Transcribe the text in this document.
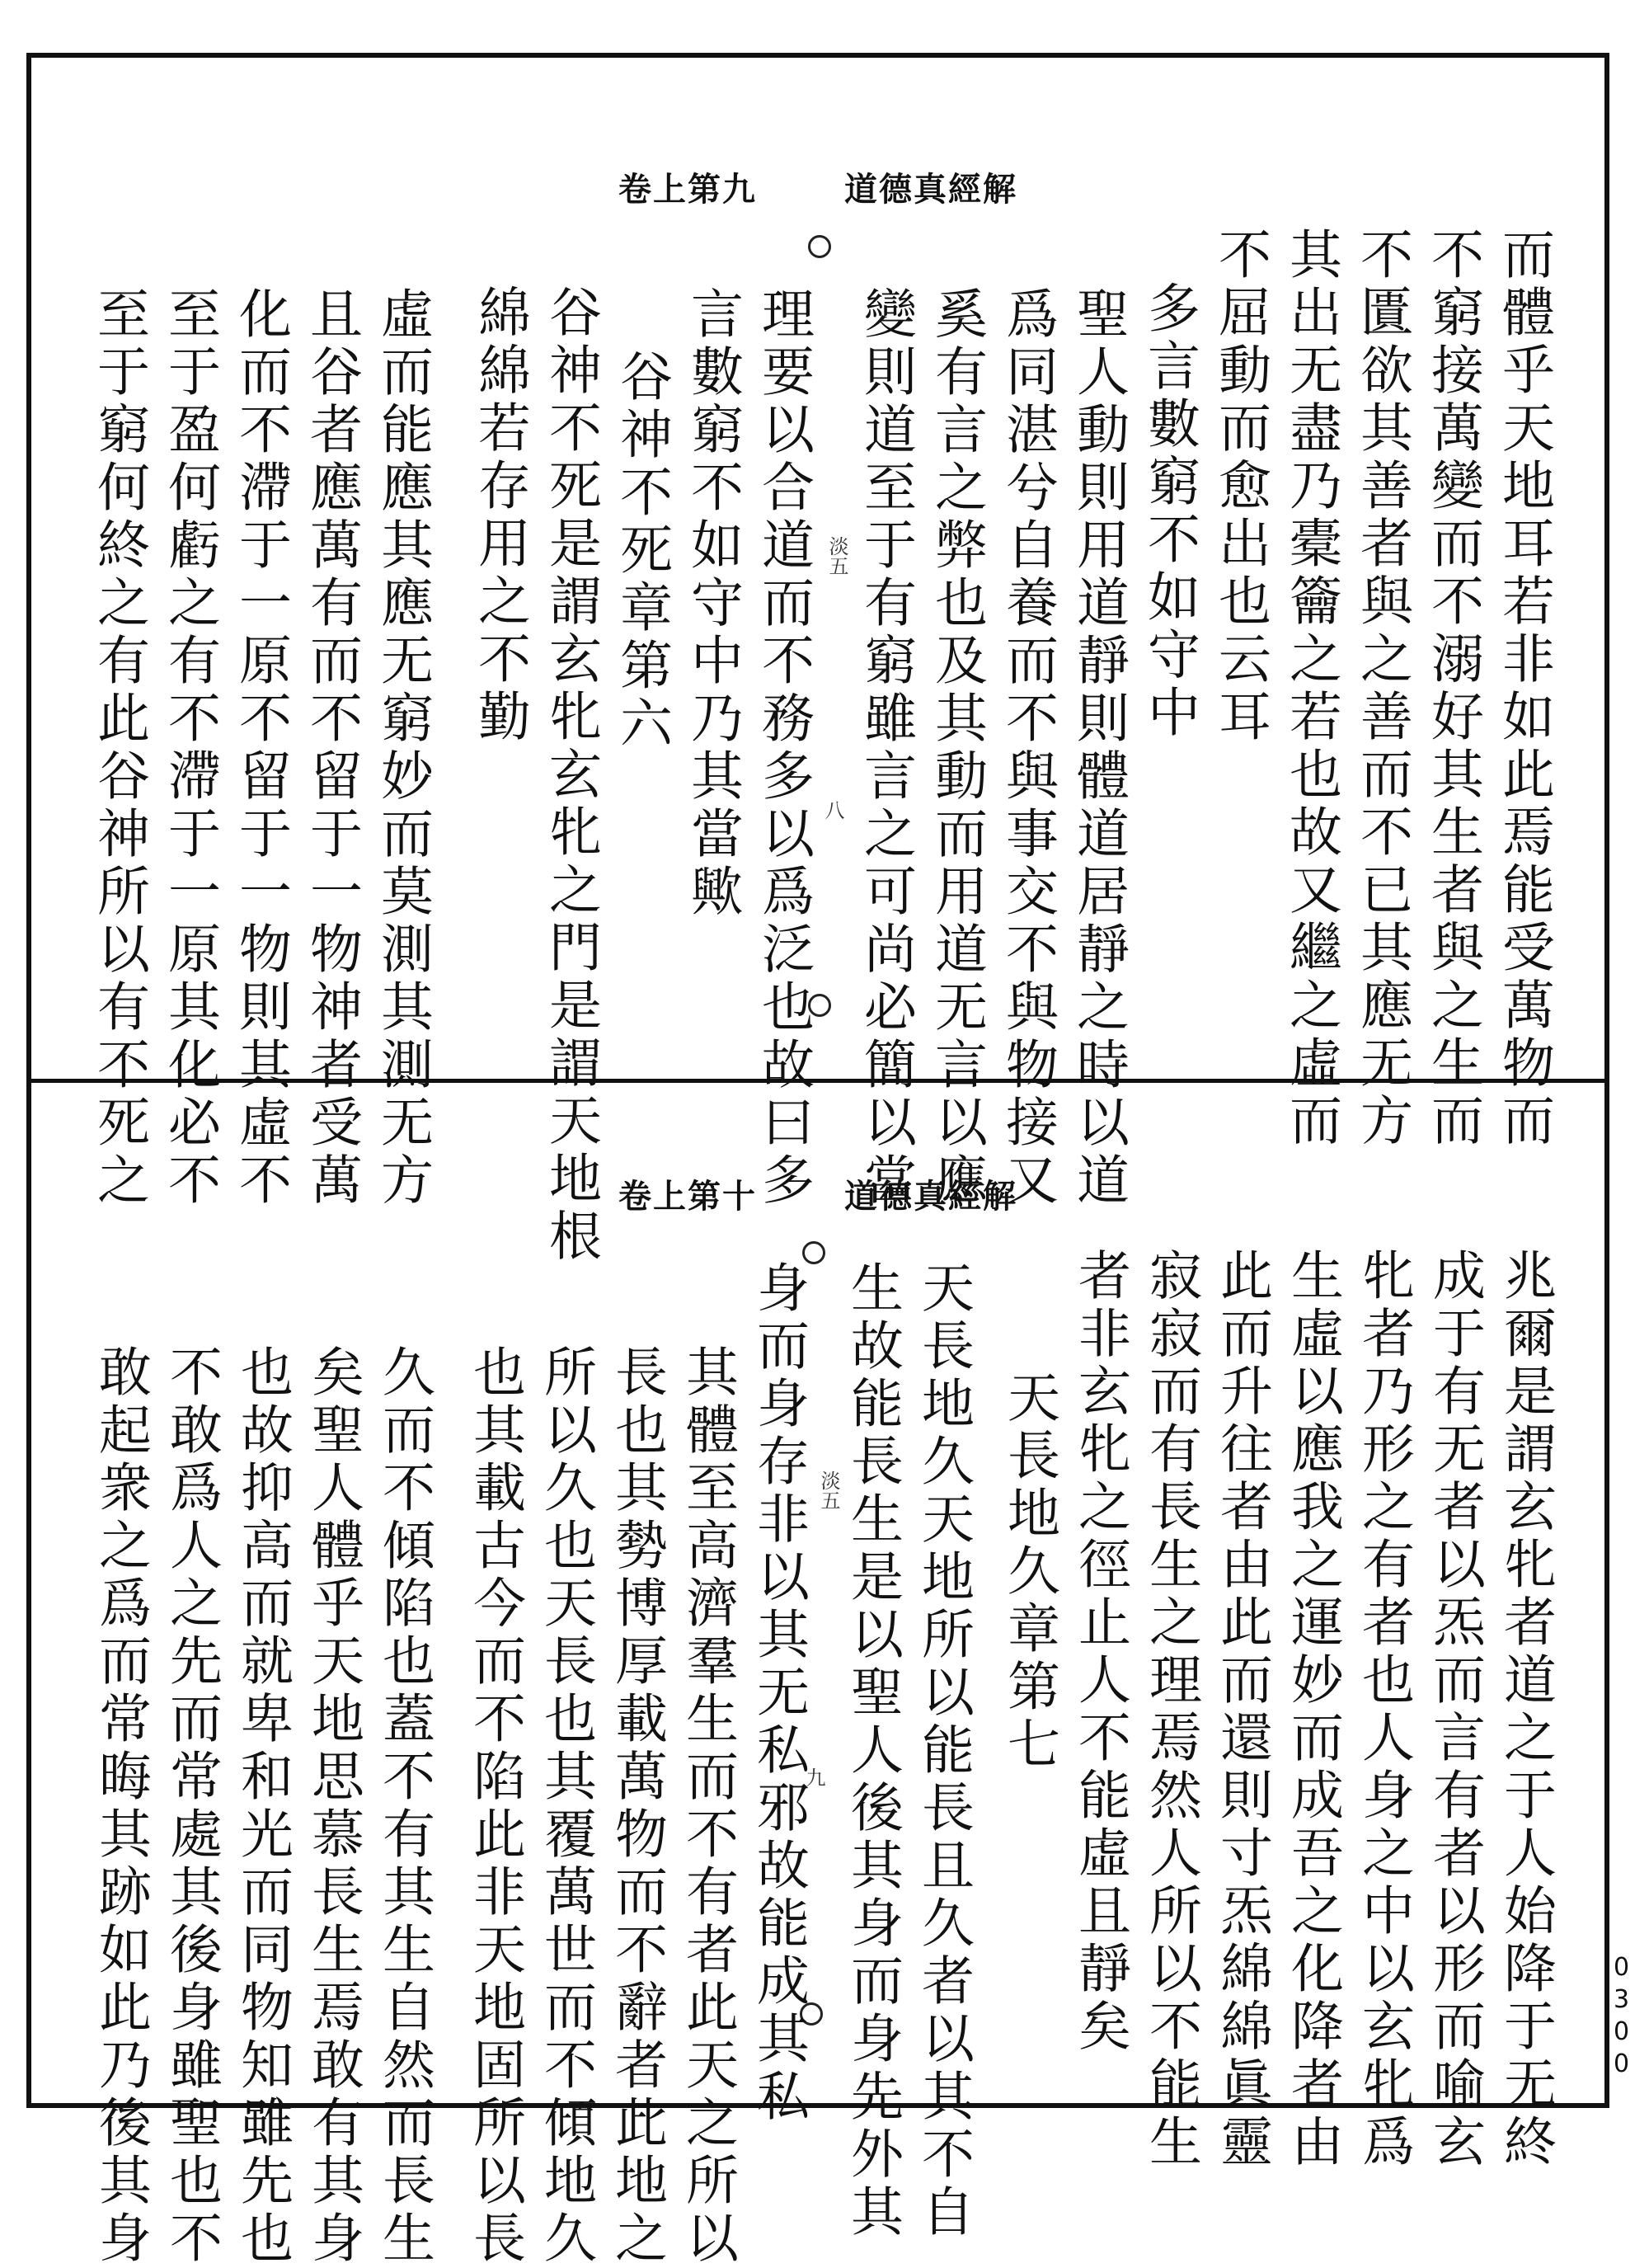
卷上第九	道德真經解
淡五
八	而體乎天地耳若非如此焉能受萬物而
不窮接萬變而不溺好其生者與之生而
不匱欲其善者與之善而不已其應无方
其出无盡乃橐籥之若也故又繼之虛而
不屈動而愈出也云耳
多言數窮不如守中
聖人動則用道靜則體道居靜之時以道
爲同湛兮自養而不與事交不與物接又
奚有言之弊也及其動而用道无言以應
變則道至于有窮雖言之可尚必簡以當
理要以合道而不務多以爲泛也故曰多
言數窮不如守中乃其當歟
谷神不死章第六
谷神不死是謂玄牝玄牝之門是謂天地根
綿綿若存用之不勤
虛而能應其應无窮妙而莫測其測无方
且谷者應萬有而不留于一物神者受萬
化而不滯于一原不留于一物則其虛不
至于盈何虧之有不滯于一原其化必不
至于窮何終之有此谷神所以有不死之	卷上第十	道德真經解
淡五
九	兆爾是謂玄牝者道之于人始降于无終
成于有无者以炁而言有者以形而喻玄
牝者乃形之有者也人身之中以玄牝爲
生虛以應我之運妙而成吾之化降者由
此而升往者由此而還則寸炁綿綿眞靈
寂寂而有長生之理焉然人所以不能生
者非玄牝之徑止人不能虛且靜矣
天長地久章第七
天長地久天地所以能長且久者以其不自
生故能長生是以聖人後其身而身先外其
身而身存非以其无私邪故能成其私
其體至高濟羣生而不有者此天之所以
長也其勢博厚載萬物而不辭者此地之
所以久也天長也其覆萬世而不傾地久
也其載古今而不陷此非天地固所以長
久而不傾陷也蓋不有其生自然而長生
矣聖人體乎天地思慕長生焉敢有其身
也故抑高而就卑和光而同物知雖先也
不敢爲人之先而常處其後身雖聖也不
敢起衆之爲而常晦其跡如此乃後其身	0300
